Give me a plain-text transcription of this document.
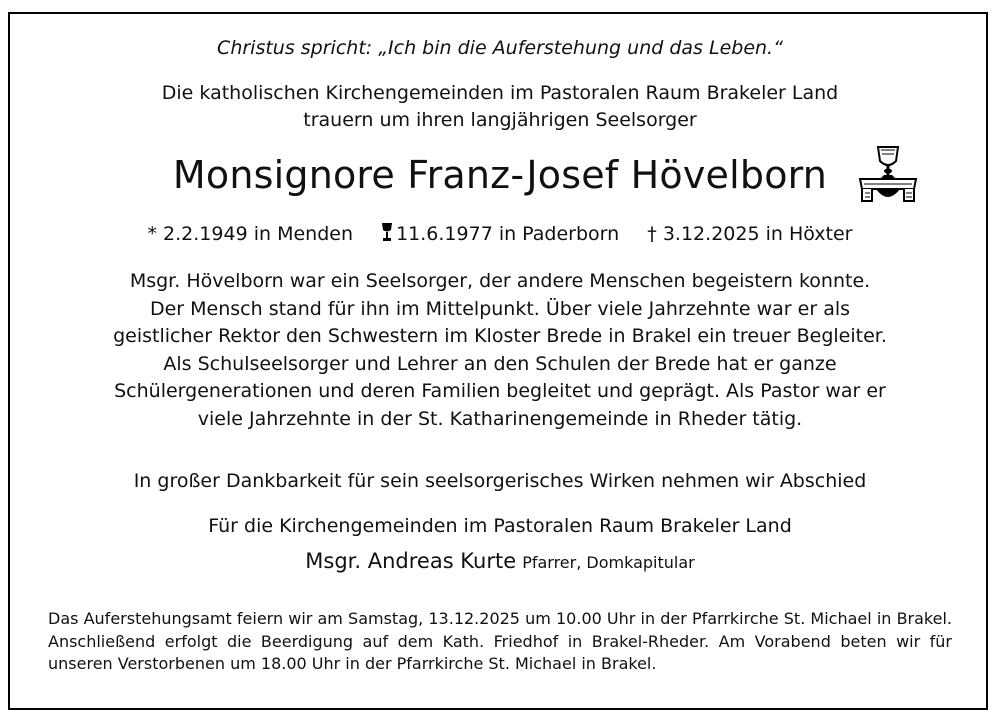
Christus spricht: „Ich bin die Auferstehung und das Leben.“

Die katholischen Kirchengemeinden im Pastoralen Raum Brakeler Land
trauern um ihren langjährigen Seelsorger
Monsignore Franz-Josef Hövelborn
* 2.2.1949 in Menden 11.6.1977 in Paderborn † 3.12.2025 in Höxter
Msgr. Hövelborn war ein Seelsorger, der andere Menschen begeistern konnte.
Der Mensch stand für ihn im Mittelpunkt. Über viele Jahrzehnte war er als
geistlicher Rektor den Schwestern im Kloster Brede in Brakel ein treuer Begleiter.
Als Schulseelsorger und Lehrer an den Schulen der Brede hat er ganze
Schülergenerationen und deren Familien begleitet und geprägt. Als Pastor war er
viele Jahrzehnte in der St. Katharinengemeinde in Rheder tätig.

In großer Dankbarkeit für sein seelsorgerisches Wirken nehmen wir Abschied

Für die Kirchengemeinden im Pastoralen Raum Brakeler Land

Msgr. Andreas Kurte Pfarrer, Domkapitular

Das Auferstehungsamt feiern wir am Samstag, 13.12.2025 um 10.00 Uhr in der Pfarrkirche St. Michael in Brakel. Anschließend erfolgt die Beerdigung auf dem Kath. Friedhof in Brakel-Rheder. Am Vorabend beten wir für unseren Verstorbenen um 18.00 Uhr in der Pfarrkirche St. Michael in Brakel.
